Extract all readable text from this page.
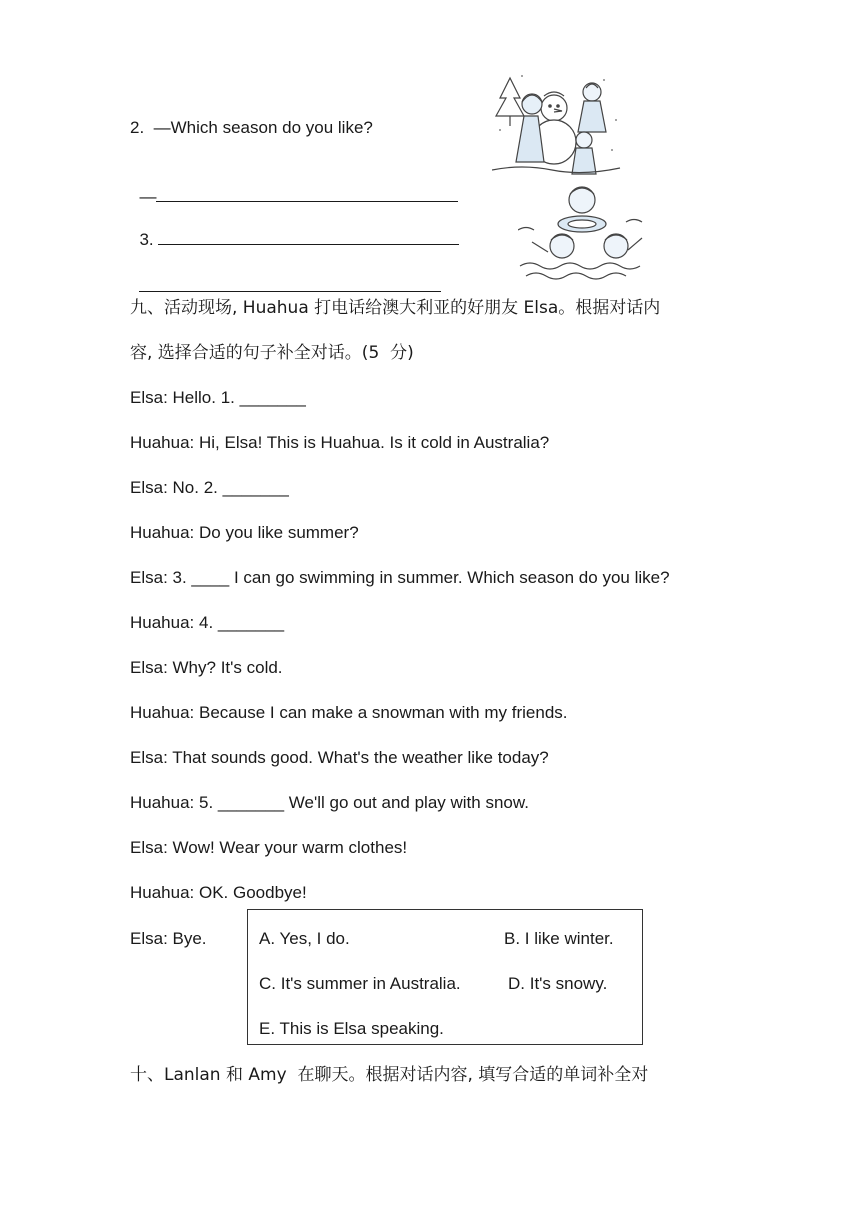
2.  —Which season do you like?

—

3.

九、活动现场, Huahua 打电话给澳大利亚的好朋友 Elsa。根据对话内
容, 选择合适的句子补全对话。(5  分)
Elsa: Hello. 1. _______
Huahua: Hi, Elsa! This is Huahua. Is it cold in Australia?
Elsa: No. 2. _______
Huahua: Do you like summer?
Elsa: 3. ____ I can go swimming in summer. Which season do you like?
Huahua: 4. _______
Elsa: Why? It's cold.
Huahua: Because I can make a snowman with my friends.
Elsa: That sounds good. What's the weather like today?
Huahua: 5. _______ We'll go out and play with snow.
Elsa: Wow! Wear your warm clothes!
Huahua: OK. Goodbye!
Elsa: Bye.	A. Yes, I do.	B. I like winter.
C. It's summer in Australia.	D. It's snowy.
E. This is Elsa speaking.
十、Lanlan 和 Amy  在聊天。根据对话内容, 填写合适的单词补全对
